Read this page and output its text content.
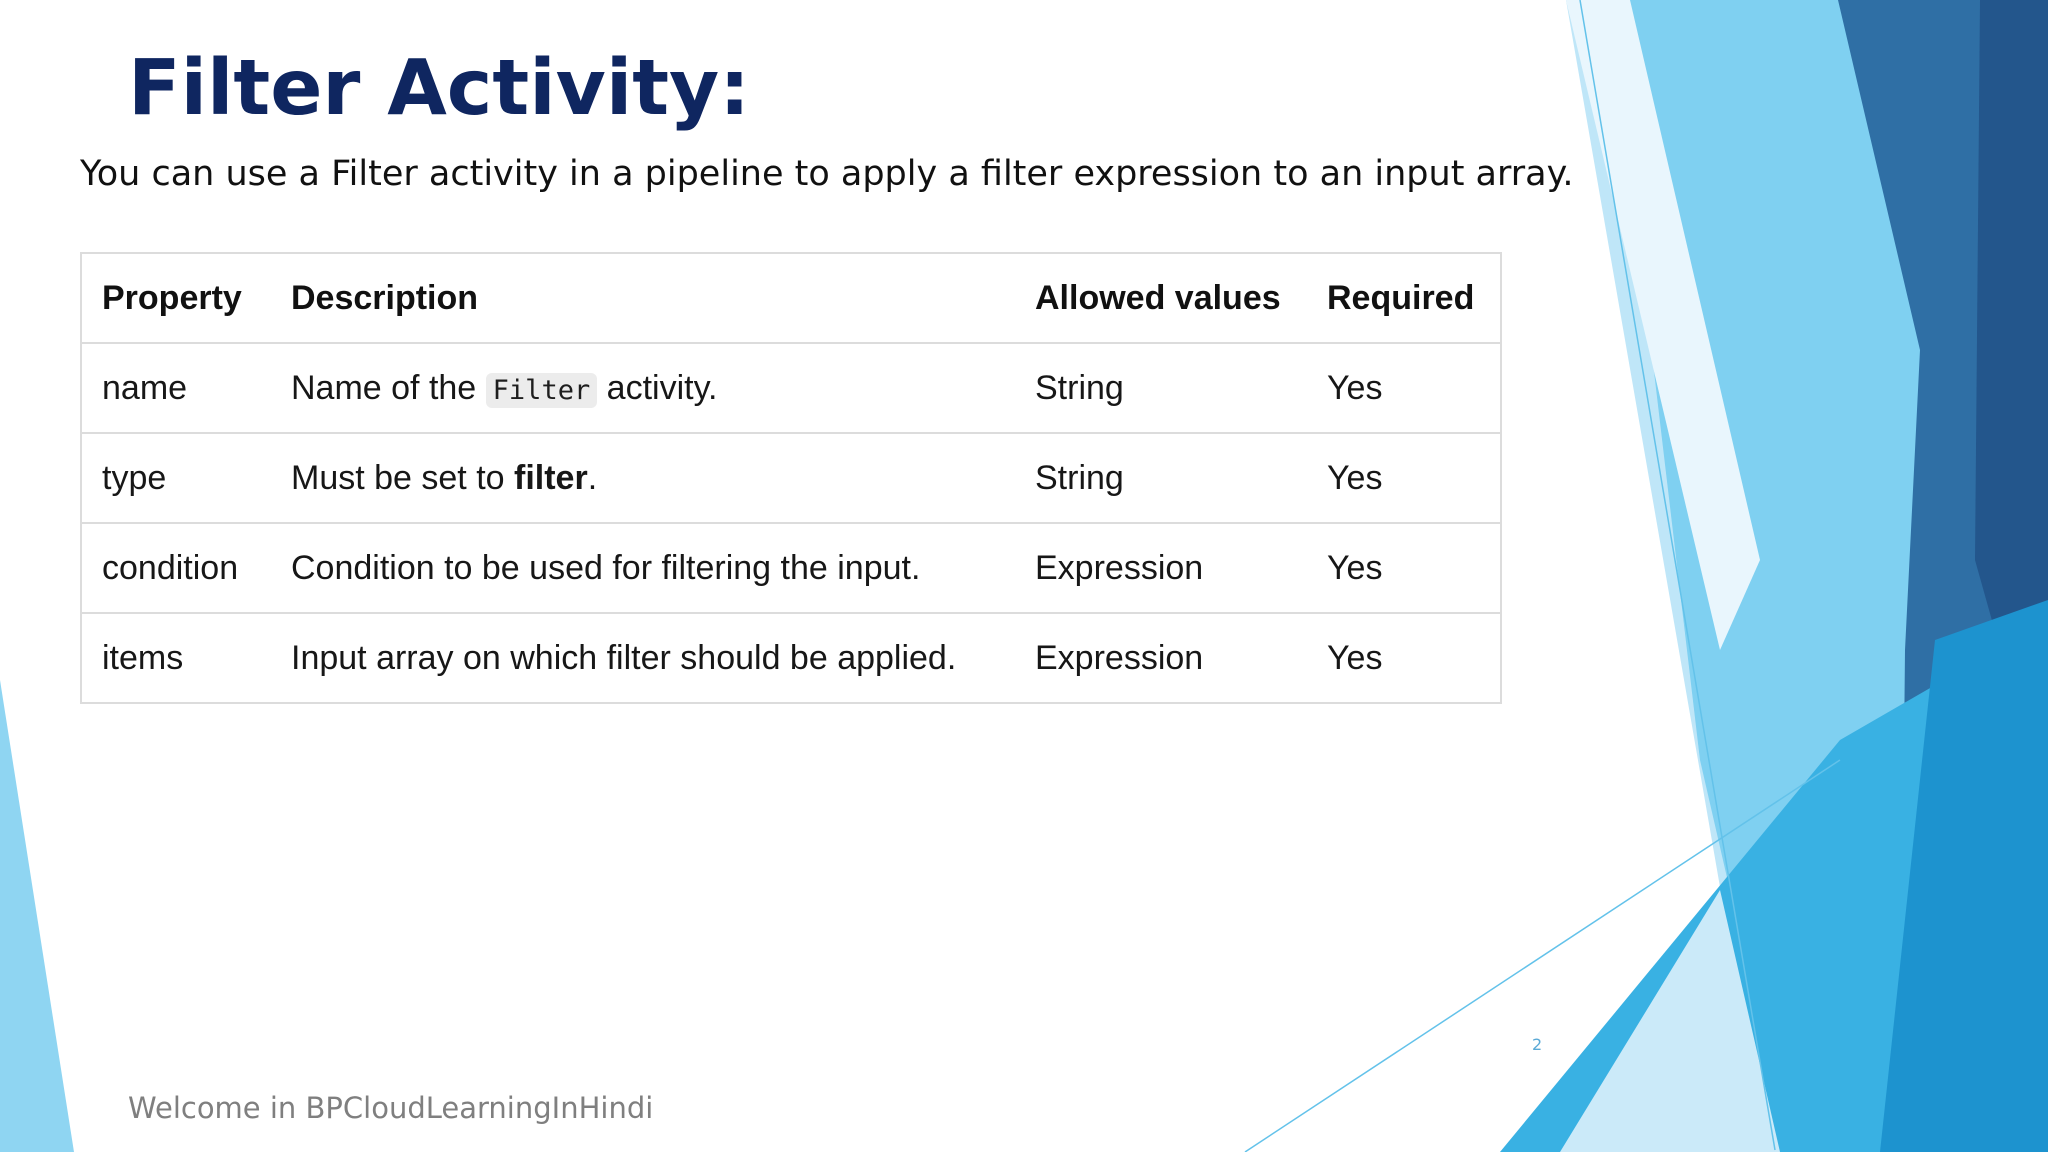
Filter Activity:

You can use a Filter activity in a pipeline to apply a filter expression to an input array.

Property	Description	Allowed values	Required
name	Name of the Filter activity.	String	Yes
type	Must be set to filter.	String	Yes
condition	Condition to be used for filtering the input.	Expression	Yes
items	Input array on which filter should be applied.	Expression	Yes

2

Welcome in BPCloudLearningInHindi
